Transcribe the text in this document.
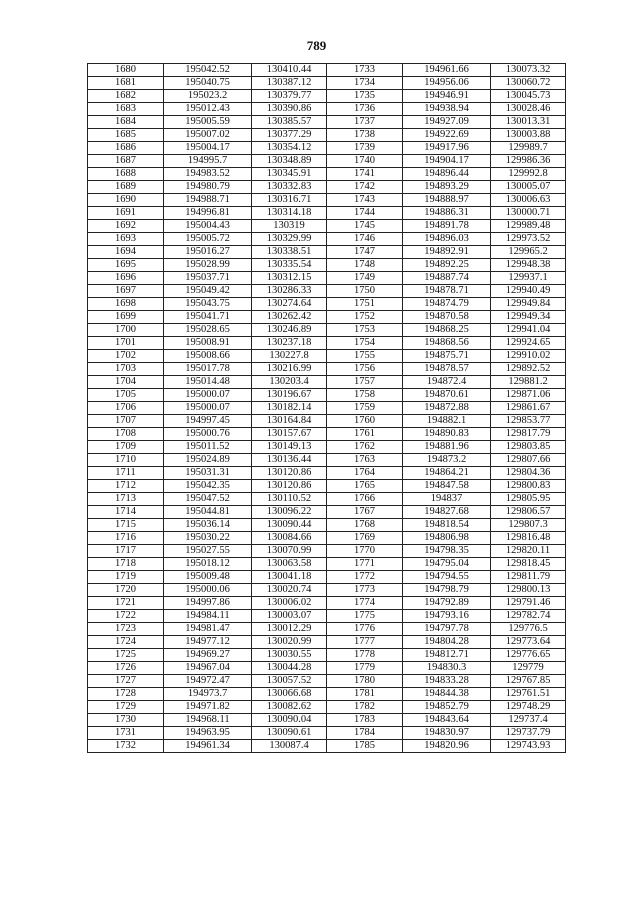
789
1680	195042.52	130410.44	1733	194961.66	130073.32
1681	195040.75	130387.12	1734	194956.06	130060.72
1682	195023.2	130379.77	1735	194946.91	130045.73
1683	195012.43	130390.86	1736	194938.94	130028.46
1684	195005.59	130385.57	1737	194927.09	130013.31
1685	195007.02	130377.29	1738	194922.69	130003.88
1686	195004.17	130354.12	1739	194917.96	129989.7
1687	194995.7	130348.89	1740	194904.17	129986.36
1688	194983.52	130345.91	1741	194896.44	129992.8
1689	194980.79	130332.83	1742	194893.29	130005.07
1690	194988.71	130316.71	1743	194888.97	130006.63
1691	194996.81	130314.18	1744	194886.31	130000.71
1692	195004.43	130319	1745	194891.78	129989.48
1693	195005.72	130329.99	1746	194896.03	129973.52
1694	195016.27	130338.51	1747	194892.91	129965.2
1695	195028.99	130335.54	1748	194892.25	129948.38
1696	195037.71	130312.15	1749	194887.74	129937.1
1697	195049.42	130286.33	1750	194878.71	129940.49
1698	195043.75	130274.64	1751	194874.79	129949.84
1699	195041.71	130262.42	1752	194870.58	129949.34
1700	195028.65	130246.89	1753	194868.25	129941.04
1701	195008.91	130237.18	1754	194868.56	129924.65
1702	195008.66	130227.8	1755	194875.71	129910.02
1703	195017.78	130216.99	1756	194878.57	129892.52
1704	195014.48	130203.4	1757	194872.4	129881.2
1705	195000.07	130196.67	1758	194870.61	129871.06
1706	195000.07	130182.14	1759	194872.88	129861.67
1707	194997.45	130164.84	1760	194882.1	129853.77
1708	195000.76	130157.67	1761	194890.83	129817.79
1709	195011.52	130149.13	1762	194881.96	129803.85
1710	195024.89	130136.44	1763	194873.2	129807.66
1711	195031.31	130120.86	1764	194864.21	129804.36
1712	195042.35	130120.86	1765	194847.58	129800.83
1713	195047.52	130110.52	1766	194837	129805.95
1714	195044.81	130096.22	1767	194827.68	129806.57
1715	195036.14	130090.44	1768	194818.54	129807.3
1716	195030.22	130084.66	1769	194806.98	129816.48
1717	195027.55	130070.99	1770	194798.35	129820.11
1718	195018.12	130063.58	1771	194795.04	129818.45
1719	195009.48	130041.18	1772	194794.55	129811.79
1720	195000.06	130020.74	1773	194798.79	129800.13
1721	194997.86	130006.02	1774	194792.89	129791.46
1722	194984.11	130003.07	1775	194793.16	129782.74
1723	194981.47	130012.29	1776	194797.78	129776.5
1724	194977.12	130020.99	1777	194804.28	129773.64
1725	194969.27	130030.55	1778	194812.71	129776.65
1726	194967.04	130044.28	1779	194830.3	129779
1727	194972.47	130057.52	1780	194833.28	129767.85
1728	194973.7	130066.68	1781	194844.38	129761.51
1729	194971.82	130082.62	1782	194852.79	129748.29
1730	194968.11	130090.04	1783	194843.64	129737.4
1731	194963.95	130090.61	1784	194830.97	129737.79
1732	194961.34	130087.4	1785	194820.96	129743.93
